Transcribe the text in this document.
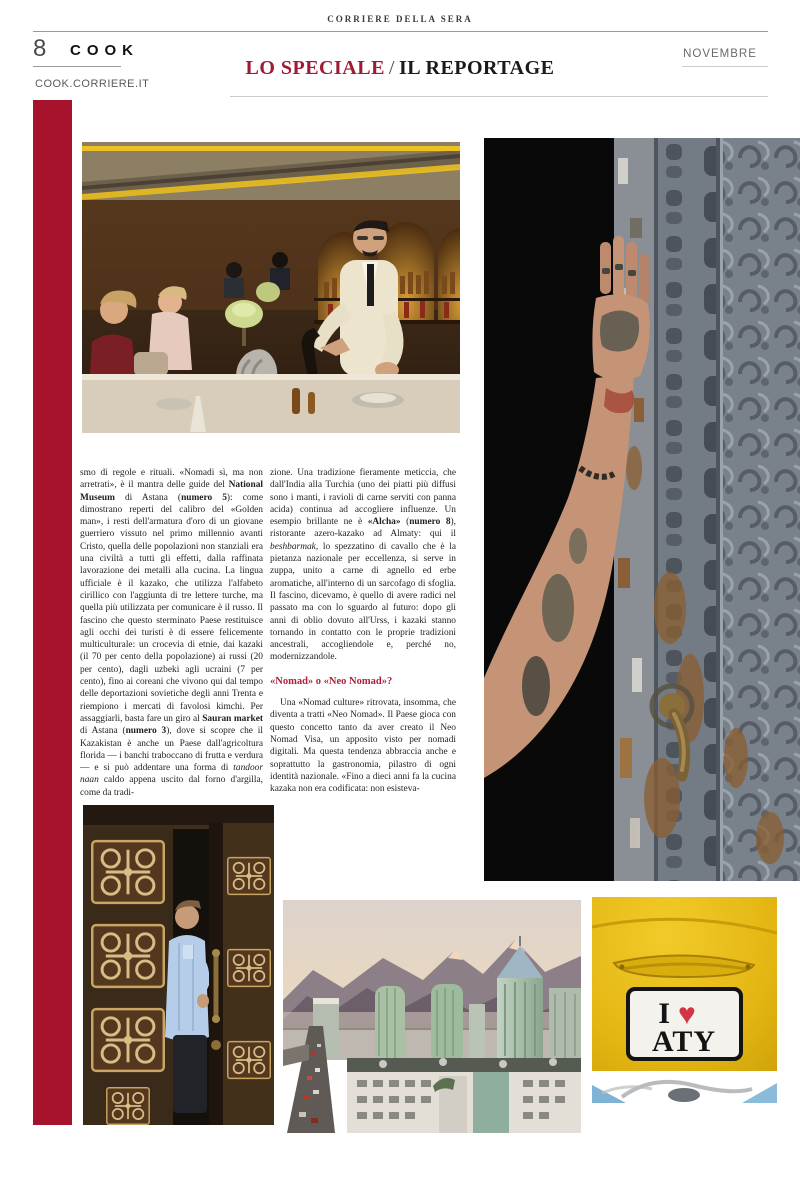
CORRIERE DELLA SERA
8 COOK
COOK.CORRIERE.IT
NOVEMBRE
LO SPECIALE / IL REPORTAGE
smo di regole e rituali. «Nomadi sì, ma non arretrati», è il mantra delle guide del National Museum di Astana (numero 5): come dimostrano reperti del calibro del «Golden man», i resti dell'armatura d'oro di un giovane guerriero vissuto nel primo millennio avanti Cristo, quella delle popolazioni non stanziali era una civiltà a tutti gli effetti, dalla raffinata lavorazione dei metalli alla cucina. La lingua ufficiale è il kazako, che utilizza l'alfabeto cirillico con l'aggiunta di tre lettere turche, ma quella più utilizzata per comunicare è il russo. Il fascino che questo sterminato Paese restituisce agli occhi dei turisti è di essere felicemente multiculturale: un crocevia di etnie, dai kazaki (il 70 per cento della popolazione) ai russi (20 per cento), dagli uzbeki agli ucraini (7 per cento), fino ai coreani che vivono qui dal tempo delle deportazioni sovietiche degli anni Trenta e riempiono i mercati di favolosi kimchi. Per assaggiarli, basta fare un giro al Sauran market di Astana (numero 3), dove si scopre che il Kazakistan è anche un Paese dall'agricoltura florida — i banchi traboccano di frutta e verdura — e si può addentare una forma di tandoor naan caldo appena uscito dal forno d'argilla, come da tradi-
zione. Una tradizione fieramente meticcia, che dall'India alla Turchia (uno dei piatti più diffusi sono i manti, i ravioli di carne serviti con panna acida) continua ad accogliere influenze. Un esempio brillante ne è «Alcha» (numero 8), ristorante azero-kazako ad Almaty: qui il beshbarmak, lo spezzatino di cavallo che è la pietanza nazionale per eccellenza, si serve in zuppa, unito a carne di agnello ed erbe aromatiche, all'interno di un sarcofago di sfoglia. Il fascino, dicevamo, è quello di avere radici nel passato ma con lo sguardo al futuro: dopo gli anni di oblio dovuto all'Urss, i kazaki stanno tornando in contatto con le proprie tradizioni ancestrali, accogliendole e, perché no, modernizzandole.
«Nomad» o «Neo Nomad»?
Una «Nomad culture» ritrovata, insomma, che diventa a tratti «Neo Nomad». Il Paese gioca con questo concetto tanto da aver creato il Neo Nomad Visa, un apposito visto per nomadi digitali. Ma questa tendenza abbraccia anche e soprattutto la gastronomia, pilastro di ogni identità nazionale. «Fino a dieci anni fa la cucina kazaka non era codificata: non esisteva-
I ♥
ATY
